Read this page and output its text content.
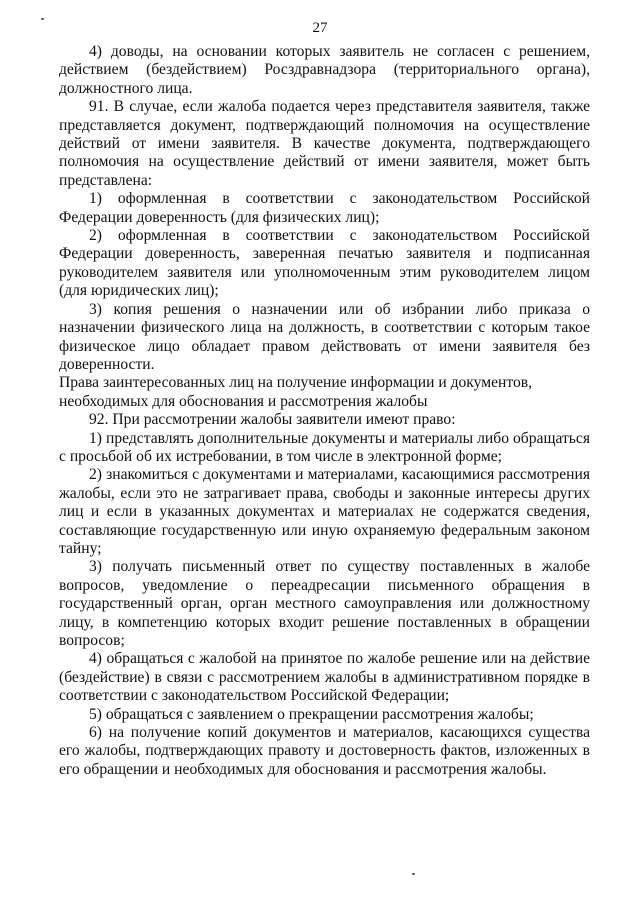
27

4) доводы, на основании которых заявитель не согласен с решением, действием (бездействием) Росздравнадзора (территориального органа), должностного лица.

91. В случае, если жалоба подается через представителя заявителя, также представляется документ, подтверждающий полномочия на осуществление действий от имени заявителя. В качестве документа, подтверждающего полномочия на осуществление действий от имени заявителя, может быть представлена:

1) оформленная в соответствии с законодательством Российской Федерации доверенность (для физических лиц);

2) оформленная в соответствии с законодательством Российской Федерации доверенность, заверенная печатью заявителя и подписанная руководителем заявителя или уполномоченным этим руководителем лицом (для юридических лиц);

3) копия решения о назначении или об избрании либо приказа о назначении физического лица на должность, в соответствии с которым такое физическое лицо обладает правом действовать от имени заявителя без доверенности.

Права заинтересованных лиц на получение информации и документов,
необходимых для обоснования и рассмотрения жалобы

92. При рассмотрении жалобы заявители имеют право:

1) представлять дополнительные документы и материалы либо обращаться с просьбой об их истребовании, в том числе в электронной форме;

2) знакомиться с документами и материалами, касающимися рассмотрения жалобы, если это не затрагивает права, свободы и законные интересы других лиц и если в указанных документах и материалах не содержатся сведения, составляющие государственную или иную охраняемую федеральным законом тайну;

3) получать письменный ответ по существу поставленных в жалобе вопросов, уведомление о переадресации письменного обращения в государственный орган, орган местного самоуправления или должностному лицу, в компетенцию которых входит решение поставленных в обращении вопросов;

4) обращаться с жалобой на принятое по жалобе решение или на действие (бездействие) в связи с рассмотрением жалобы в административном порядке в соответствии с законодательством Российской Федерации;

5) обращаться с заявлением о прекращении рассмотрения жалобы;

6) на получение копий документов и материалов, касающихся существа его жалобы, подтверждающих правоту и достоверность фактов, изложенных в его обращении и необходимых для обоснования и рассмотрения жалобы.
